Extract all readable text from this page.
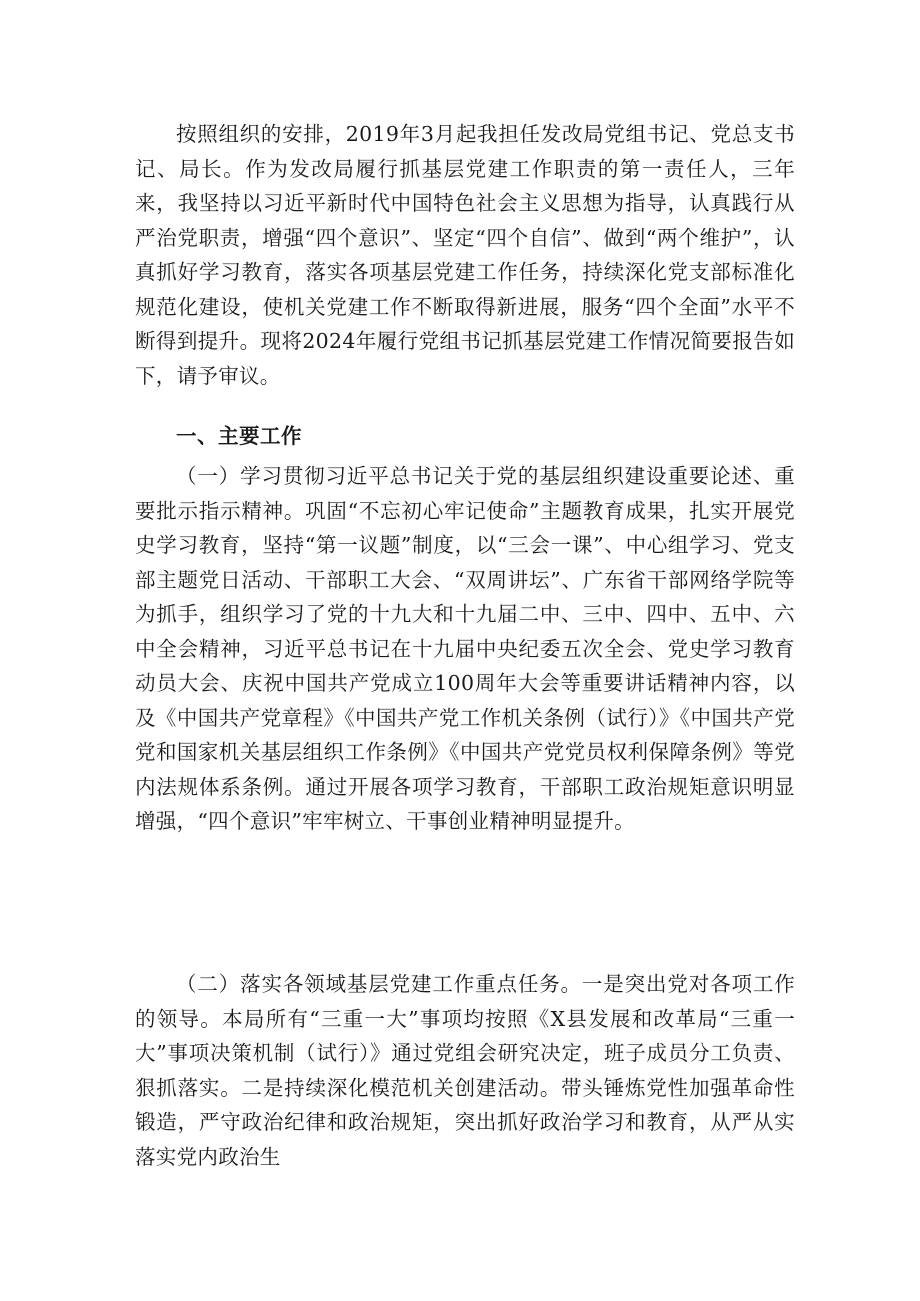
按照组织的安排，2019年3月起我担任发改局党组书记、党总支书记、局长。作为发改局履行抓基层党建工作职责的第一责任人，三年来，我坚持以习近平新时代中国特色社会主义思想为指导，认真践行从严治党职责，增强“四个意识”、坚定“四个自信”、做到“两个维护”，认真抓好学习教育，落实各项基层党建工作任务，持续深化党支部标准化规范化建设，使机关党建工作不断取得新进展，服务“四个全面”水平不断得到提升。现将2024年履行党组书记抓基层党建工作情况简要报告如下，请予审议。

一、主要工作

（一）学习贯彻习近平总书记关于党的基层组织建设重要论述、重要批示指示精神。巩固“不忘初心牢记使命”主题教育成果，扎实开展党史学习教育，坚持“第一议题”制度，以“三会一课”、中心组学习、党支部主题党日活动、干部职工大会、“双周讲坛”、广东省干部网络学院等为抓手，组织学习了党的十九大和十九届二中、三中、四中、五中、六中全会精神，习近平总书记在十九届中央纪委五次全会、党史学习教育动员大会、庆祝中国共产党成立100周年大会等重要讲话精神内容，以及《中国共产党章程》《中国共产党工作机关条例（试行）》《中国共产党党和国家机关基层组织工作条例》《中国共产党党员权利保障条例》等党内法规体系条例。通过开展各项学习教育，干部职工政治规矩意识明显增强，“四个意识”牢牢树立、干事创业精神明显提升。

（二）落实各领域基层党建工作重点任务。一是突出党对各项工作的领导。本局所有“三重一大”事项均按照《X县发展和改革局“三重一大”事项决策机制（试行）》通过党组会研究决定，班子成员分工负责、狠抓落实。二是持续深化模范机关创建活动。带头锤炼党性加强革命性锻造，严守政治纪律和政治规矩，突出抓好政治学习和教育，从严从实落实党内政治生
